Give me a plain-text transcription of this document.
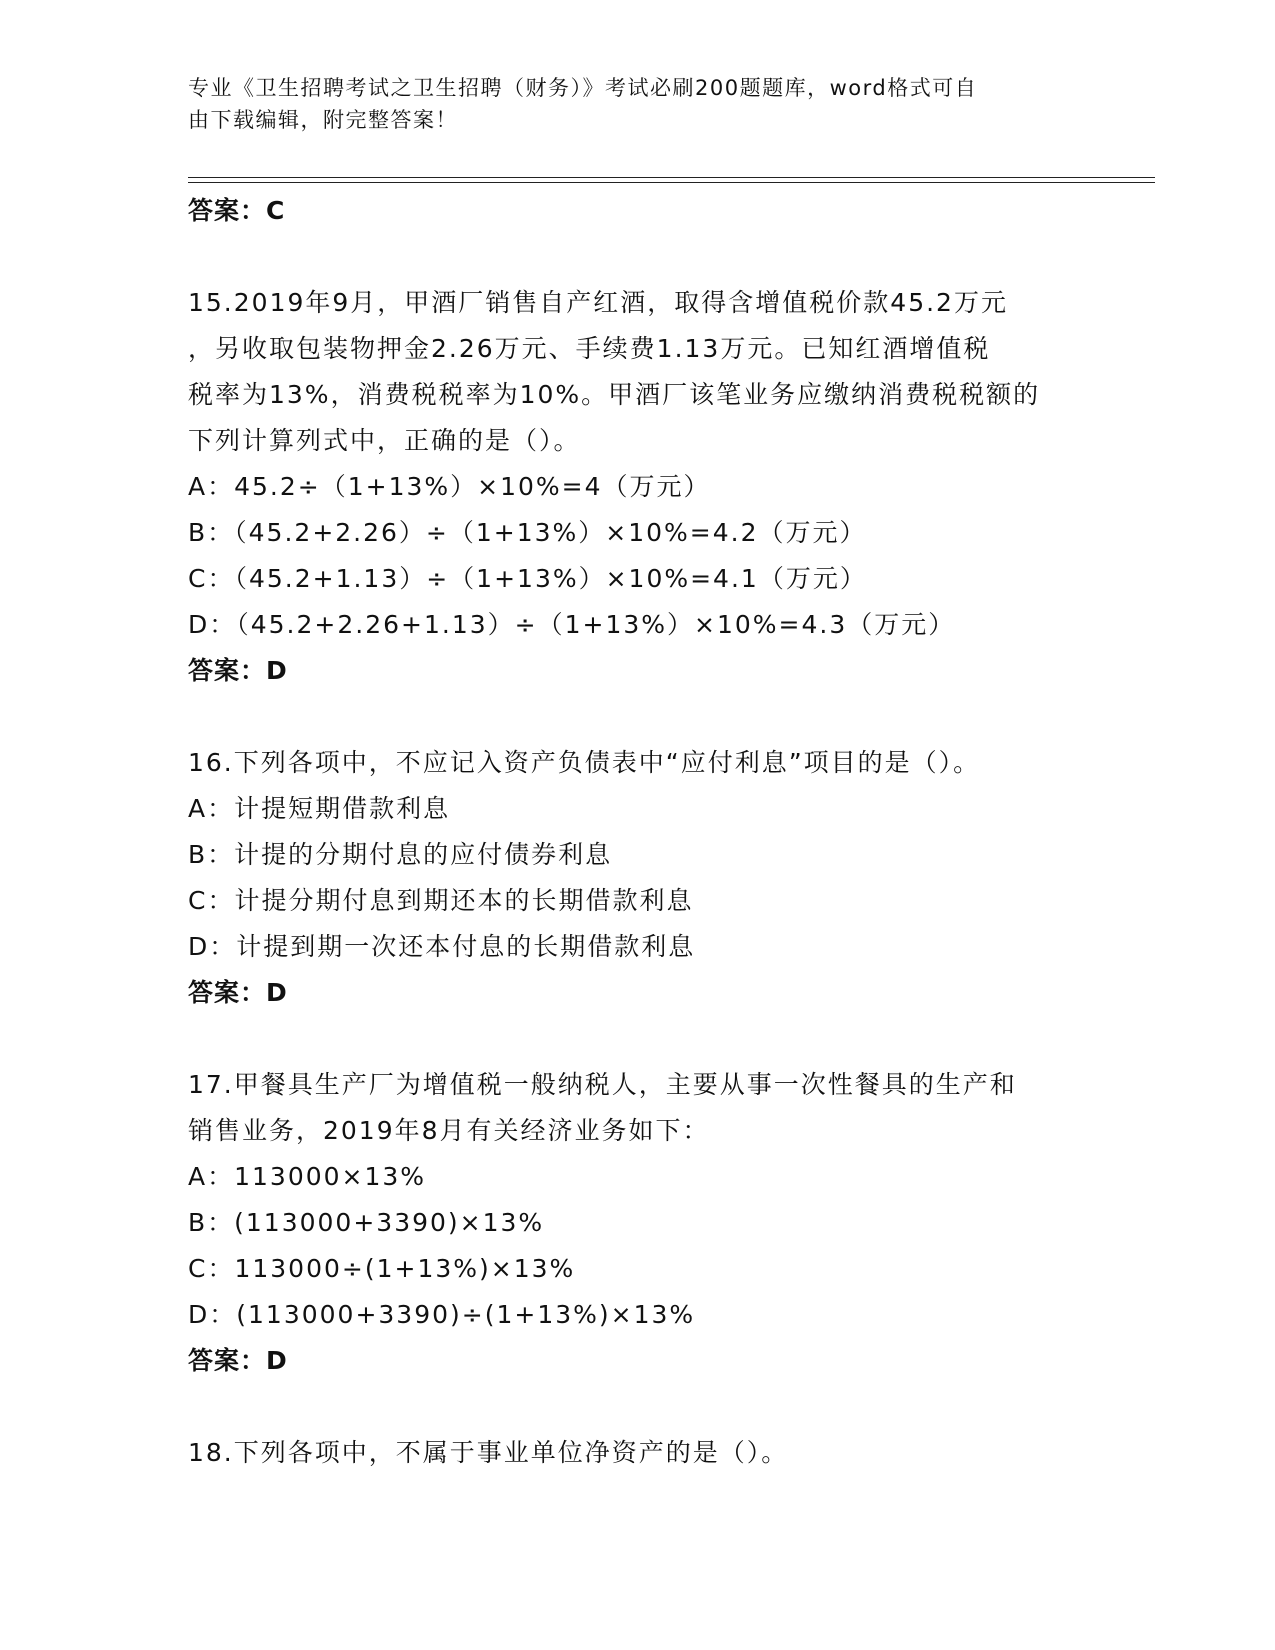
专业《卫生招聘考试之卫生招聘（财务）》考试必刷200题题库，word格式可自
由下载编辑，附完整答案！
答案：C
15.2019年9月，甲酒厂销售自产红酒，取得含增值税价款45.2万元
，另收取包装物押金2.26万元、手续费1.13万元。已知红酒增值税
税率为13%，消费税税率为10%。甲酒厂该笔业务应缴纳消费税税额的
下列计算列式中，正确的是（）。
A：45.2÷（1+13%）×10%=4（万元）
B：（45.2+2.26）÷（1+13%）×10%=4.2（万元）
C：（45.2+1.13）÷（1+13%）×10%=4.1（万元）
D：（45.2+2.26+1.13）÷（1+13%）×10%=4.3（万元）
答案：D
16.下列各项中，不应记入资产负债表中“应付利息”项目的是（）。
A：计提短期借款利息
B：计提的分期付息的应付债券利息
C：计提分期付息到期还本的长期借款利息
D：计提到期一次还本付息的长期借款利息
答案：D
17.甲餐具生产厂为增值税一般纳税人，主要从事一次性餐具的生产和
销售业务，2019年8月有关经济业务如下：
A：113000×13%
B：(113000+3390)×13%
C：113000÷(1+13%)×13%
D：(113000+3390)÷(1+13%)×13%
答案：D
18.下列各项中，不属于事业单位净资产的是（）。
